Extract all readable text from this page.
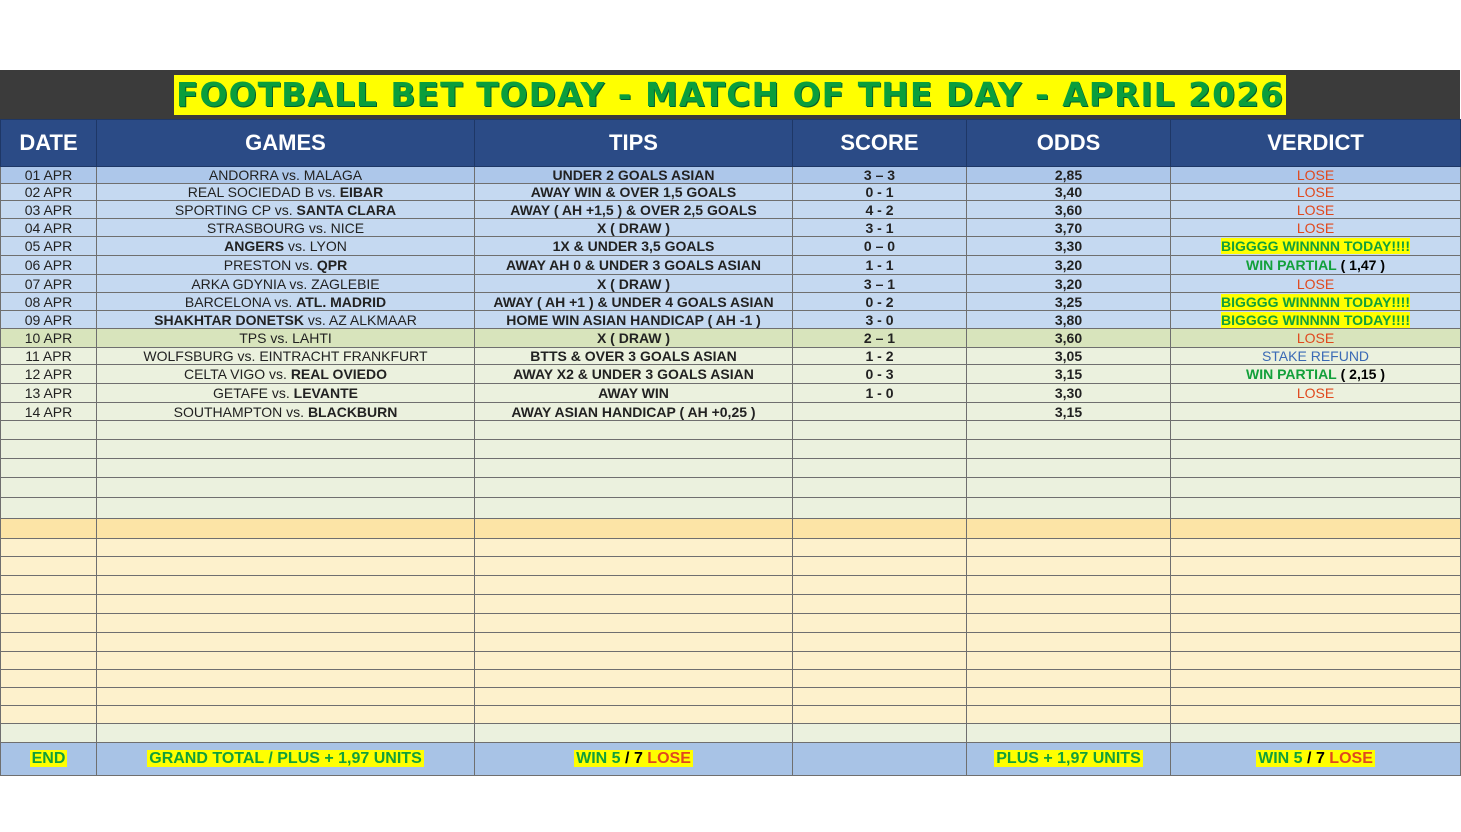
FOOTBALL BET TODAY - MATCH OF THE DAY - APRIL 2026
DATE	GAMES	TIPS	SCORE	ODDS	VERDICT
01 APR	ANDORRA vs. MALAGA	UNDER 2 GOALS ASIAN	3 – 3	2,85	LOSE
02 APR	REAL SOCIEDAD B vs. EIBAR	AWAY WIN & OVER 1,5 GOALS	0 - 1	3,40	LOSE
03 APR	SPORTING CP vs. SANTA CLARA	AWAY ( AH +1,5 ) & OVER 2,5 GOALS	4 - 2	3,60	LOSE
04 APR	STRASBOURG vs. NICE	X ( DRAW )	3 - 1	3,70	LOSE
05 APR	ANGERS vs. LYON	1X & UNDER 3,5 GOALS	0 – 0	3,30	BIGGGG WINNNN TODAY!!!!
06 APR	PRESTON vs. QPR	AWAY AH 0 & UNDER 3 GOALS ASIAN	1 - 1	3,20	WIN PARTIAL ( 1,47 )
07 APR	ARKA GDYNIA vs. ZAGLEBIE	X ( DRAW )	3 – 1	3,20	LOSE
08 APR	BARCELONA vs. ATL. MADRID	AWAY ( AH +1 ) & UNDER 4 GOALS ASIAN	0 - 2	3,25	BIGGGG WINNNN TODAY!!!!
09 APR	SHAKHTAR DONETSK vs. AZ ALKMAAR	HOME WIN ASIAN HANDICAP ( AH -1 )	3 - 0	3,80	BIGGGG WINNNN TODAY!!!!
10 APR	TPS vs. LAHTI	X ( DRAW )	2 – 1	3,60	LOSE
11 APR	WOLFSBURG vs. EINTRACHT FRANKFURT	BTTS & OVER 3 GOALS ASIAN	1 - 2	3,05	STAKE REFUND
12 APR	CELTA VIGO vs. REAL OVIEDO	AWAY X2 & UNDER 3 GOALS ASIAN	0 - 3	3,15	WIN PARTIAL ( 2,15 )
13 APR	GETAFE vs. LEVANTE	AWAY WIN	1 - 0	3,30	LOSE
14 APR	SOUTHAMPTON vs. BLACKBURN	AWAY ASIAN HANDICAP ( AH +0,25 )		3,15	

END	GRAND TOTAL / PLUS + 1,97 UNITS	WIN 5 / 7 LOSE		PLUS + 1,97 UNITS	WIN 5 / 7 LOSE
